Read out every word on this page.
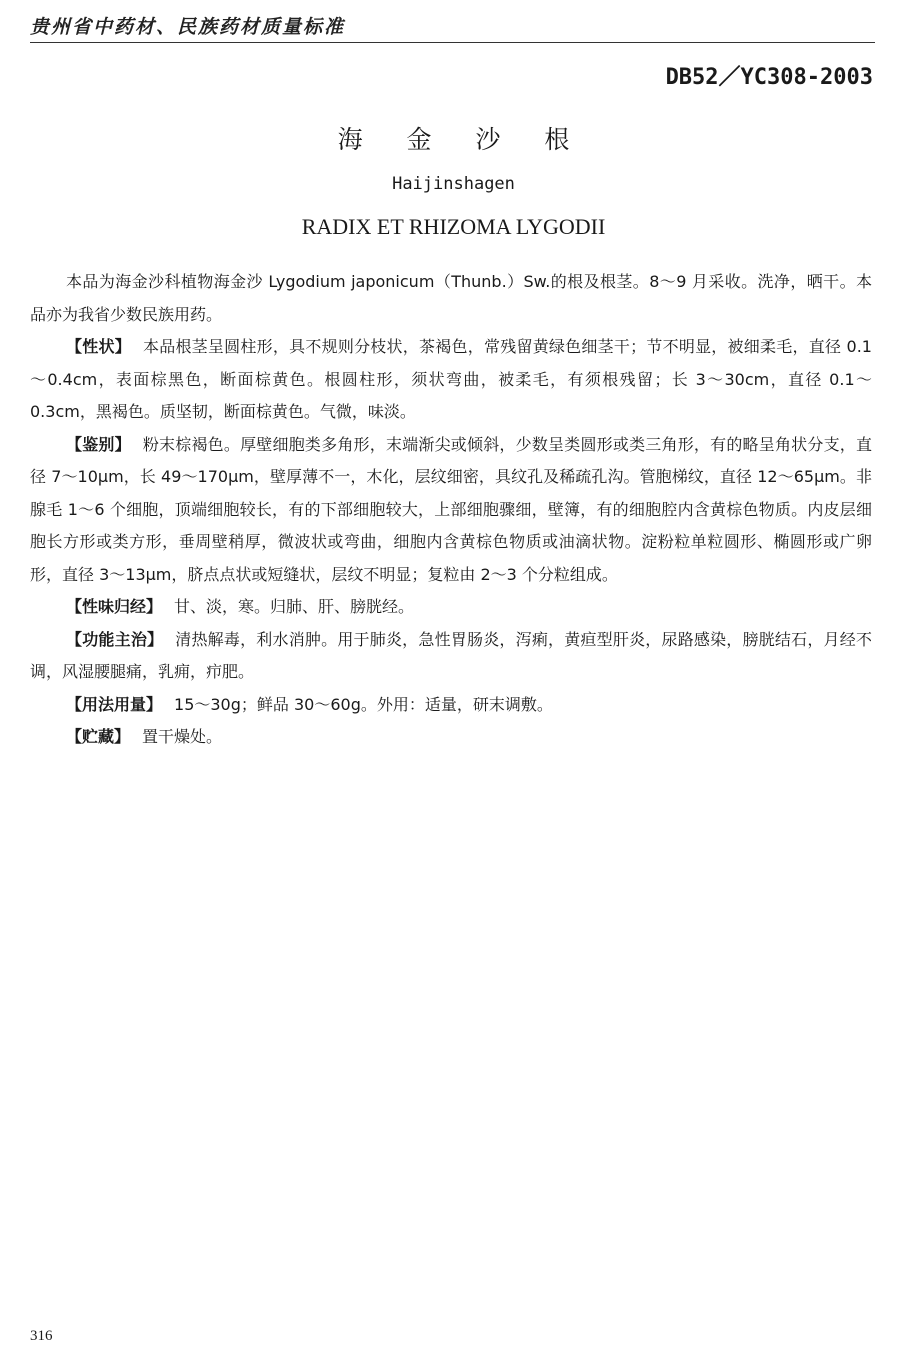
贵州省中药材、民族药材质量标准
DB52／YC308-2003
海 金 沙 根
Haijinshagen
RADIX ET RHIZOMA LYGODII

本品为海金沙科植物海金沙 Lygodium japonicum（Thunb.）Sw.的根及根茎。8～9 月采收。洗净，晒干。本品亦为我省少数民族用药。

【性状】 本品根茎呈圆柱形，具不规则分枝状，茶褐色，常残留黄绿色细茎干；节不明显，被细柔毛，直径 0.1～0.4cm，表面棕黑色，断面棕黄色。根圆柱形，须状弯曲，被柔毛，有须根残留；长 3～30cm，直径 0.1～0.3cm，黑褐色。质坚韧，断面棕黄色。气微，味淡。

【鉴别】 粉末棕褐色。厚壁细胞类多角形，末端渐尖或倾斜，少数呈类圆形或类三角形，有的略呈角状分支，直径 7～10μm，长 49～170μm，壁厚薄不一，木化，层纹细密，具纹孔及稀疏孔沟。管胞梯纹，直径 12～65μm。非腺毛 1～6 个细胞，顶端细胞较长，有的下部细胞较大，上部细胞骤细，壁簿，有的细胞腔内含黄棕色物质。内皮层细胞长方形或类方形，垂周壁稍厚，微波状或弯曲，细胞内含黄棕色物质或油滴状物。淀粉粒单粒圆形、椭圆形或广卵形，直径 3～13μm，脐点点状或短缝状，层纹不明显；复粒由 2～3 个分粒组成。

【性味归经】 甘、淡，寒。归肺、肝、膀胱经。

【功能主治】 清热解毒，利水消肿。用于肺炎，急性胃肠炎，泻痢，黄疸型肝炎，尿路感染，膀胱结石，月经不调，风湿腰腿痛，乳痈，疖肥。

【用法用量】 15～30g；鲜品 30～60g。外用：适量，研末调敷。

【贮藏】 置干燥处。

316
